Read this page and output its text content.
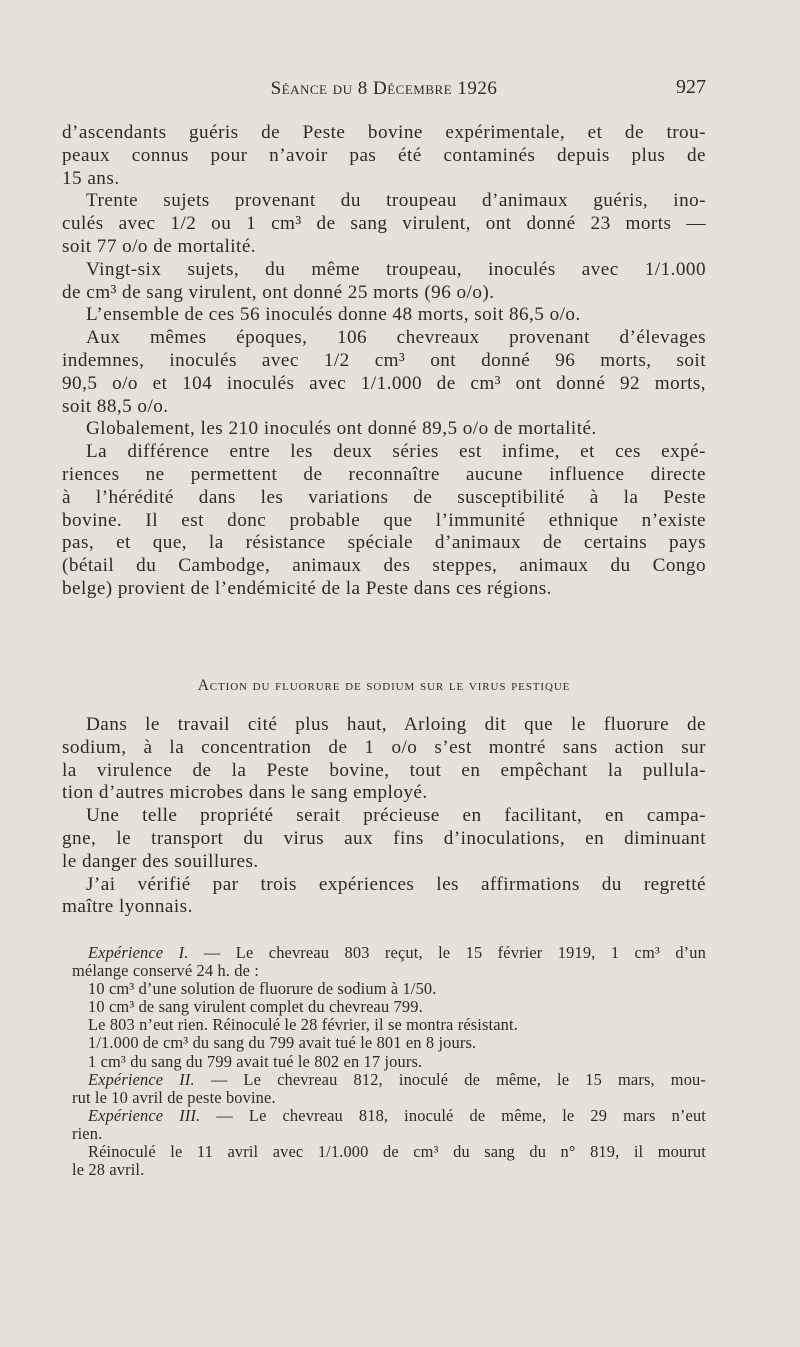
Séance du 8 Décembre 1926	927

d’ascendants guéris de Peste bovine expérimentale, et de trou-
peaux connus pour n’avoir pas été contaminés depuis plus de
15 ans.

Trente sujets provenant du troupeau d’animaux guéris, ino-
culés avec 1/2 ou 1 cm³ de sang virulent, ont donné 23 morts —
soit 77 o/o de mortalité.

Vingt-six sujets, du même troupeau, inoculés avec 1/1.000
de cm³ de sang virulent, ont donné 25 morts (96 o/o).

L’ensemble de ces 56 inoculés donne 48 morts, soit 86,5 o/o.

Aux mêmes époques, 106 chevreaux provenant d’élevages
indemnes, inoculés avec 1/2 cm³ ont donné 96 morts, soit
90,5 o/o et 104 inoculés avec 1/1.000 de cm³ ont donné 92 morts,
soit 88,5 o/o.

Globalement, les 210 inoculés ont donné 89,5 o/o de mortalité.

La différence entre les deux séries est infime, et ces expé-
riences ne permettent de reconnaître aucune influence directe
à l’hérédité dans les variations de susceptibilité à la Peste
bovine. Il est donc probable que l’immunité ethnique n’existe
pas, et que, la résistance spéciale d’animaux de certains pays
(bétail du Cambodge, animaux des steppes, animaux du Congo
belge) provient de l’endémicité de la Peste dans ces régions.

Action du fluorure de sodium sur le virus pestique

Dans le travail cité plus haut, Arloing dit que le fluorure de
sodium, à la concentration de 1 o/o s’est montré sans action sur
la virulence de la Peste bovine, tout en empêchant la pullula-
tion d’autres microbes dans le sang employé.

Une telle propriété serait précieuse en facilitant, en campa-
gne, le transport du virus aux fins d’inoculations, en diminuant
le danger des souillures.

J’ai vérifié par trois expériences les affirmations du regretté
maître lyonnais.

Expérience I. — Le chevreau 803 reçut, le 15 février 1919, 1 cm³ d’un
mélange conservé 24 h. de :
10 cm³ d’une solution de fluorure de sodium à 1/50.
10 cm³ de sang virulent complet du chevreau 799.
Le 803 n’eut rien. Réinoculé le 28 février, il se montra résistant.
1/1.000 de cm³ du sang du 799 avait tué le 801 en 8 jours.
1 cm³ du sang du 799 avait tué le 802 en 17 jours.

Expérience II. — Le chevreau 812, inoculé de même, le 15 mars, mou-
rut le 10 avril de peste bovine.

Expérience III. — Le chevreau 818, inoculé de même, le 29 mars n’eut
rien.
Réinoculé le 11 avril avec 1/1.000 de cm³ du sang du n° 819, il mourut
le 28 avril.
